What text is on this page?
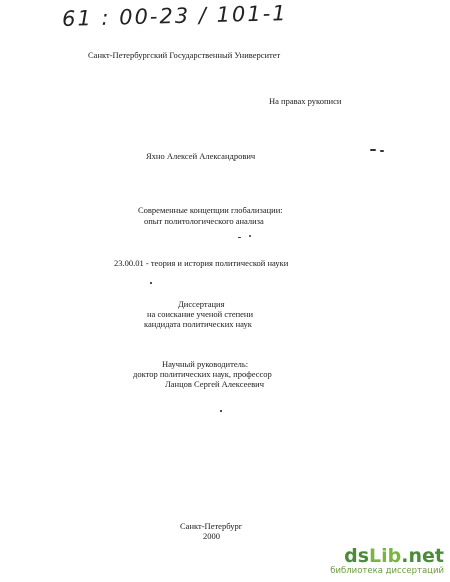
61 : 00-23 / 101-1
Санкт-Петербургский Государственный Университет
На правах рукописи
Яхно Алексей Александрович
Современные концепции глобализации:
опыт политологического анализа
23.00.01 - теория и история политической науки
Диссертация
на соискание ученой степени
кандидата политических наук
Научный руководитель:
доктор политических наук, профессор
Ланцов Сергей Алексеевич
Санкт-Петербург
2000
dsLib.net
библиотека диссертаций
